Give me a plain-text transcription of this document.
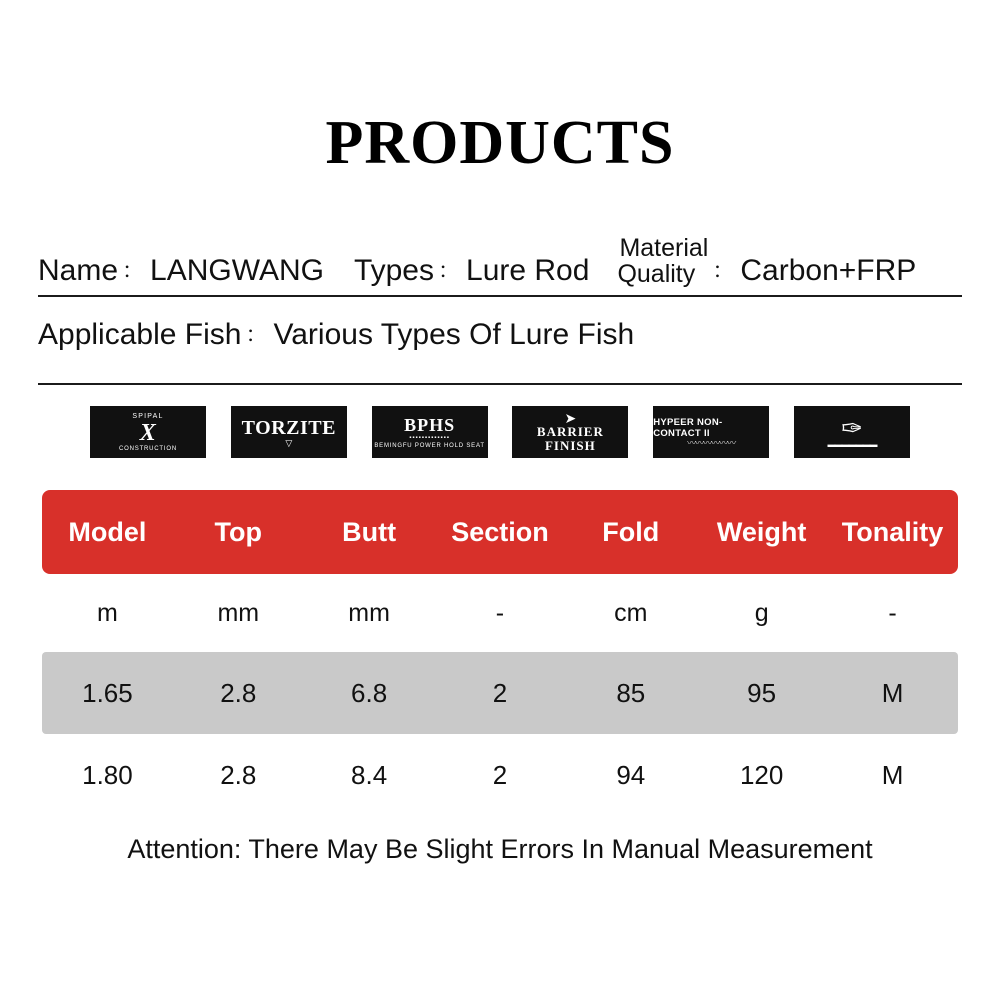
PRODUCTS
Name ： LANGWANG Types ： Lure Rod
Material
Quality ： Carbon+FRP
Applicable Fish ： Various Types Of Lure Fish
SPIPAL
X
CONSTRUCTION
TORZITE
▽
BPHS
▪▪▪▪▪▪▪▪▪▪▪▪▪
BEMINGFU POWER HOLD SEAT
➤
BARRIER
FINISH
HYPEER NON-CONTACT II
〰〰〰〰〰〰	✑
▬▬▬▬▬▬▬
Model	Top	Butt	Section	Fold	Weight	Tonality
m	mm	mm	-	cm	g	-
1.65	2.8	6.8	2	85	95	M
1.80	2.8	8.4	2	94	120	M
Attention: There May Be Slight Errors In Manual Measurement
